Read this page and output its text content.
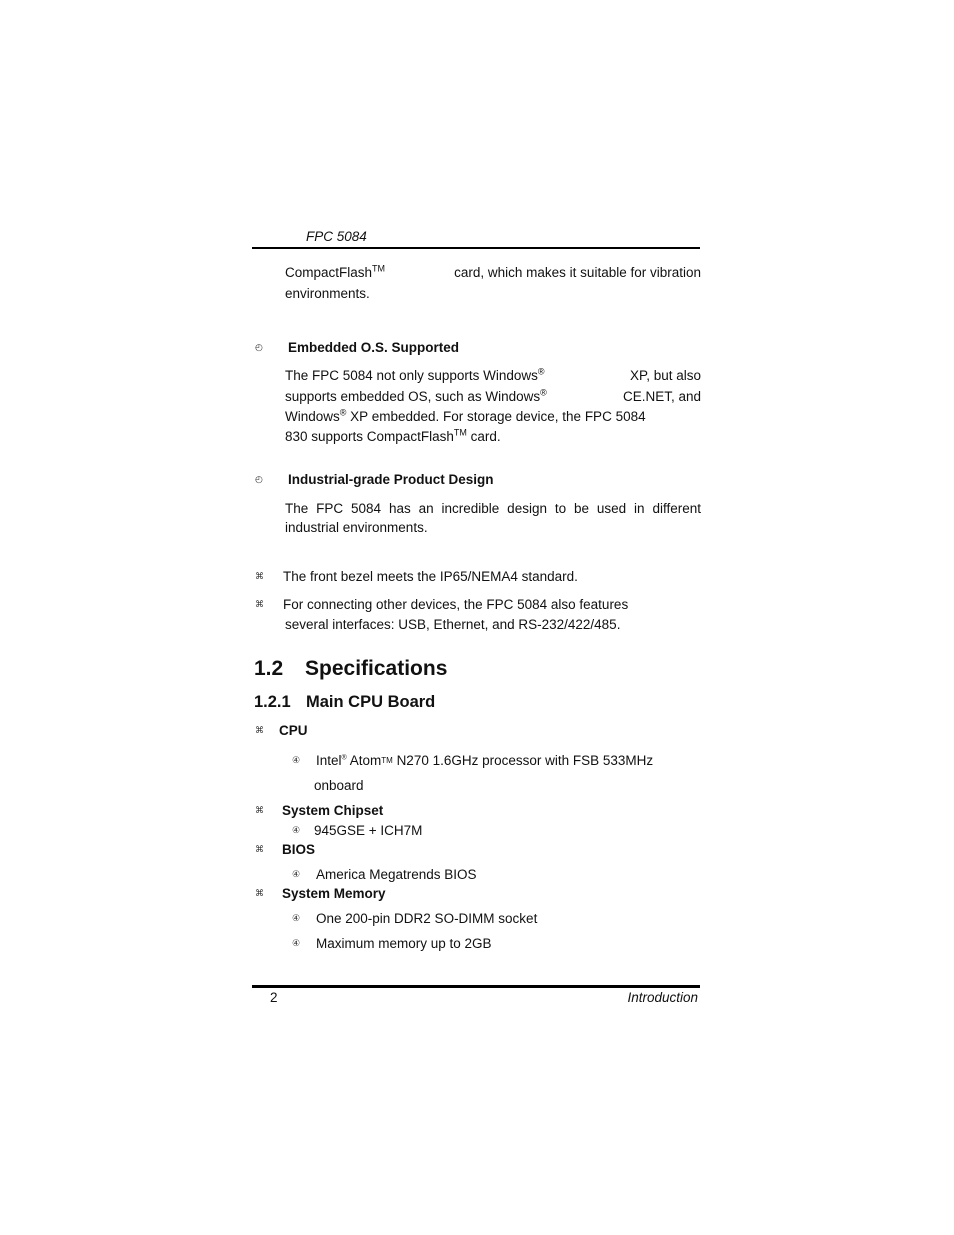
FPC 5084
CompactFlash™	card, which makes it suitable for vibration
environments.
◴ Embedded O.S. Supported
The FPC 5084 not only supports Windows®	XP, but also
supports embedded OS, such as Windows®	CE.NET, and
Windows® XP embedded. For storage device, the FPC 5084
830 supports CompactFlash™ card.
◴ Industrial-grade Product Design
The FPC 5084 has an incredible design to be used in different
industrial environments.
⌘ The front bezel meets the IP65/NEMA4 standard.
⌘ For connecting other devices, the FPC 5084 also features
several interfaces: USB, Ethernet, and RS-232/422/485.
1.2 Specifications
1.2.1 Main CPU Board
⌘ CPU
④ Intel® AtomTM N270 1.6GHz processor with FSB 533MHz
onboard
⌘ System Chipset
④ 945GSE + ICH7M
⌘ BIOS
④ America Megatrends BIOS
⌘ System Memory
④ One 200-pin DDR2 SO-DIMM socket
④ Maximum memory up to 2GB
2	Introduction
